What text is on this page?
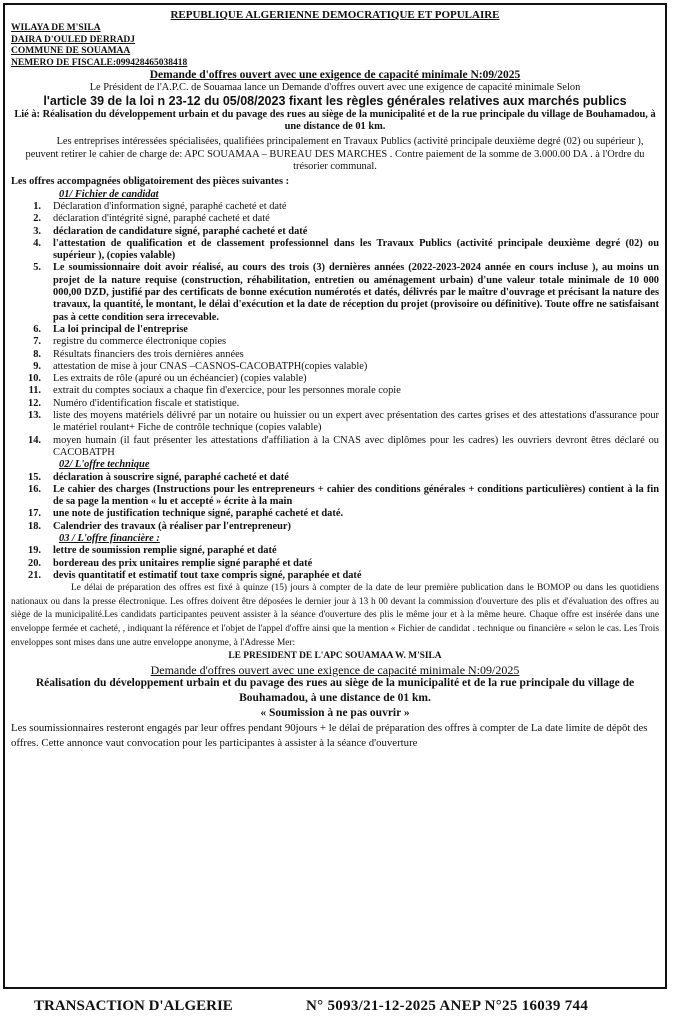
REPUBLIQUE ALGERIENNE DEMOCRATIQUE ET POPULAIRE
WILAYA DE M'SILA
DAIRA D'OULED DERRADJ
COMMUNE DE SOUAMAA
NEMERO DE FISCALE:099428465038418
Demande d'offres ouvert avec une exigence de capacité minimale N:09/2025

Le Président de l'A.P.C. de Souamaa lance un Demande d'offres ouvert avec une exigence de capacité minimale Selon

l'article 39 de la loi n 23-12 du 05/08/2023 fixant les règles générales relatives aux marchés publics

Lié à: Réalisation du développement urbain et du pavage des rues au siège de la municipalité et de la rue principale du village de Bouhamadou, à une distance de 01 km.

Les entreprises intéressées spécialisées, qualifiées principalement en Travaux Publics (activité principale deuxième degré (02) ou supérieur ), peuvent retirer le cahier de charge de: APC SOUAMAA – BUREAU DES MARCHES . Contre paiement de la somme de 3.000.00 DA . à l'Ordre du trésorier communal.

Les offres accompagnées obligatoirement des pièces suivantes :

01/ Fichier de candidat
1.	Déclaration d'information signé, paraphé cacheté et daté
2.	déclaration d'intégrité signé, paraphé cacheté et daté
3.	déclaration de candidature signé, paraphé cacheté et daté
4.	l'attestation de qualification et de classement professionnel dans les Travaux Publics (activité principale deuxième degré (02) ou supérieur ), (copies valable)
5.	Le soumissionnaire doit avoir réalisé, au cours des trois (3) dernières années (2022-2023-2024 année en cours incluse ), au moins un projet de la nature requise (construction, réhabilitation, entretien ou aménagement urbain) d'une valeur totale minimale de 10 000 000,00 DZD, justifié par des certificats de bonne exécution numérotés et datés, délivrés par le maître d'ouvrage et précisant la nature des travaux, la quantité, le montant, le délai d'exécution et la date de réception du projet (provisoire ou définitive). Toute offre ne satisfaisant pas à cette condition sera irrecevable.
6.	La loi principal de l'entreprise
7.	registre du commerce électronique copies
8.	Résultats financiers des trois dernières années
9.	attestation de mise à jour CNAS –CASNOS-CACOBATPH(copies valable)
10.	Les extraits de rôle (apuré ou un échéancier) (copies valable)
11.	extrait du comptes sociaux a chaque fin d'exercice, pour les personnes morale copie
12.	Numéro d'identification fiscale et statistique.
13.	liste des moyens matériels délivré par un notaire ou huissier ou un expert avec présentation des cartes grises et des attestations d'assurance pour le matériel roulant+ Fiche de contrôle technique (copies valable)
14.	moyen humain (il faut présenter les attestations d'affiliation à la CNAS avec diplômes pour les cadres) les ouvriers devront êtres déclaré ou CACOBATPH
02/ L'offre technique
15.	déclaration à souscrire signé, paraphé cacheté et daté
16.	Le cahier des charges (Instructions pour les entrepreneurs + cahier des conditions générales + conditions particulières) contient à la fin de sa page la mention « lu et accepté » écrite à la main
17.	une note de justification technique signé, paraphé cacheté et daté.
18.	Calendrier des travaux (à réaliser par l'entrepreneur)
03 / L'offre financière :
19.	lettre de soumission remplie signé, paraphé et daté
20.	bordereau des prix unitaires remplie signé paraphé et daté
21.	devis quantitatif et estimatif tout taxe compris signé, paraphée et daté

Le délai de préparation des offres est fixé à quinze (15) jours à compter de la date de leur première publication dans le BOMOP ou dans les quotidiens nationaux ou dans la presse électronique. Les offres doivent être déposées le dernier jour à 13 h 00 devant la commission d'ouverture des plis et d'évaluation des offres au siège de la municipalité.Les candidats participantes peuvent assister à la séance d'ouverture des plis le même jour et à la même heure. Chaque offre est insérée dans une enveloppe fermée et cacheté, , indiquant la référence et l'objet de l'appel d'offre ainsi que la mention « Fichier de candidat . technique ou financière « selon le cas. Les Trois enveloppes sont mises dans une autre enveloppe anonyme, à l'Adresse Mer:

LE PRESIDENT DE L'APC SOUAMAA W. M'SILA

Demande d'offres ouvert avec une exigence de capacité minimale N:09/2025

Réalisation du développement urbain et du pavage des rues au siège de la municipalité et de la rue principale du village de Bouhamadou, à une distance de 01 km.

« Soumission à ne pas ouvrir »

Les soumissionnaires resteront engagés par leur offres pendant 90jours + le délai de préparation des offres à compter de La date limite de dépôt des offres. Cette annonce vaut convocation pour les participantes à assister à la séance d'ouverture

TRANSACTION D'ALGERIE	N° 5093/21-12-2025 ANEP N°25 16039 744
